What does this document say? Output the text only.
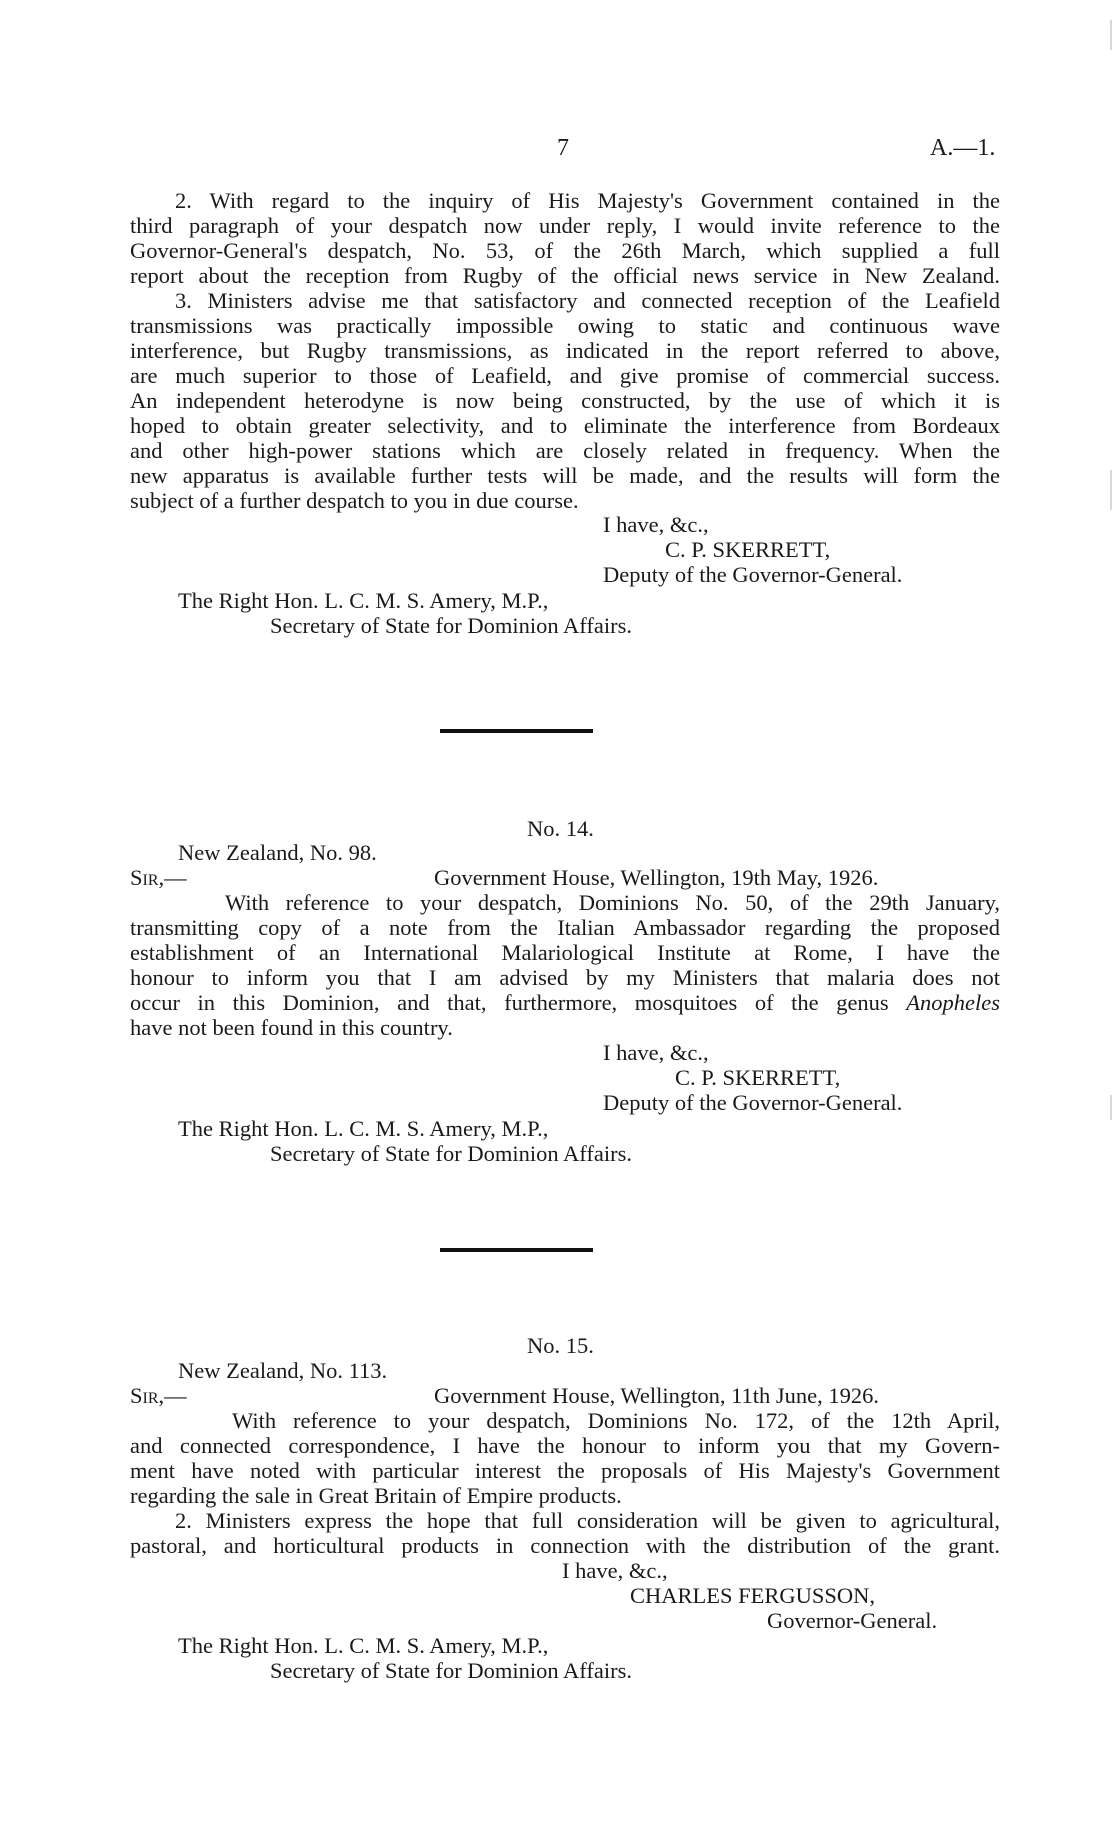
7	A.—1.
2. With regard to the inquiry of His Majesty's Government contained in the
third paragraph of your despatch now under reply, I would invite reference to the
Governor-General's despatch, No. 53, of the 26th March, which supplied a full
report about the reception from Rugby of the official news service in New Zealand.
3. Ministers advise me that satisfactory and connected reception of the Leafield
transmissions was practically impossible owing to static and continuous wave
interference, but Rugby transmissions, as indicated in the report referred to above,
are much superior to those of Leafield, and give promise of commercial success.
An independent heterodyne is now being constructed, by the use of which it is
hoped to obtain greater selectivity, and to eliminate the interference from Bordeaux
and other high-power stations which are closely related in frequency. When the
new apparatus is available further tests will be made, and the results will form the
subject of a further despatch to you in due course.
I have, &c.,
C. P. SKERRETT,
Deputy of the Governor-General.
The Right Hon. L. C. M. S. Amery, M.P.,
Secretary of State for Dominion Affairs.
No. 14.
New Zealand, No. 98.
Sir,—	Government House, Wellington, 19th May, 1926.
With reference to your despatch, Dominions No. 50, of the 29th January,
transmitting copy of a note from the Italian Ambassador regarding the proposed
establishment of an International Malariological Institute at Rome, I have the
honour to inform you that I am advised by my Ministers that malaria does not
occur in this Dominion, and that, furthermore, mosquitoes of the genus Anopheles
have not been found in this country.
I have, &c.,
C. P. SKERRETT,
Deputy of the Governor-General.
The Right Hon. L. C. M. S. Amery, M.P.,
Secretary of State for Dominion Affairs.
No. 15.
New Zealand, No. 113.
Sir,—	Government House, Wellington, 11th June, 1926.
With reference to your despatch, Dominions No. 172, of the 12th April,
and connected correspondence, I have the honour to inform you that my Govern-
ment have noted with particular interest the proposals of His Majesty's Government
regarding the sale in Great Britain of Empire products.
2. Ministers express the hope that full consideration will be given to agricultural,
pastoral, and horticultural products in connection with the distribution of the grant.
I have, &c.,
CHARLES FERGUSSON,
Governor-General.
The Right Hon. L. C. M. S. Amery, M.P.,
Secretary of State for Dominion Affairs.
